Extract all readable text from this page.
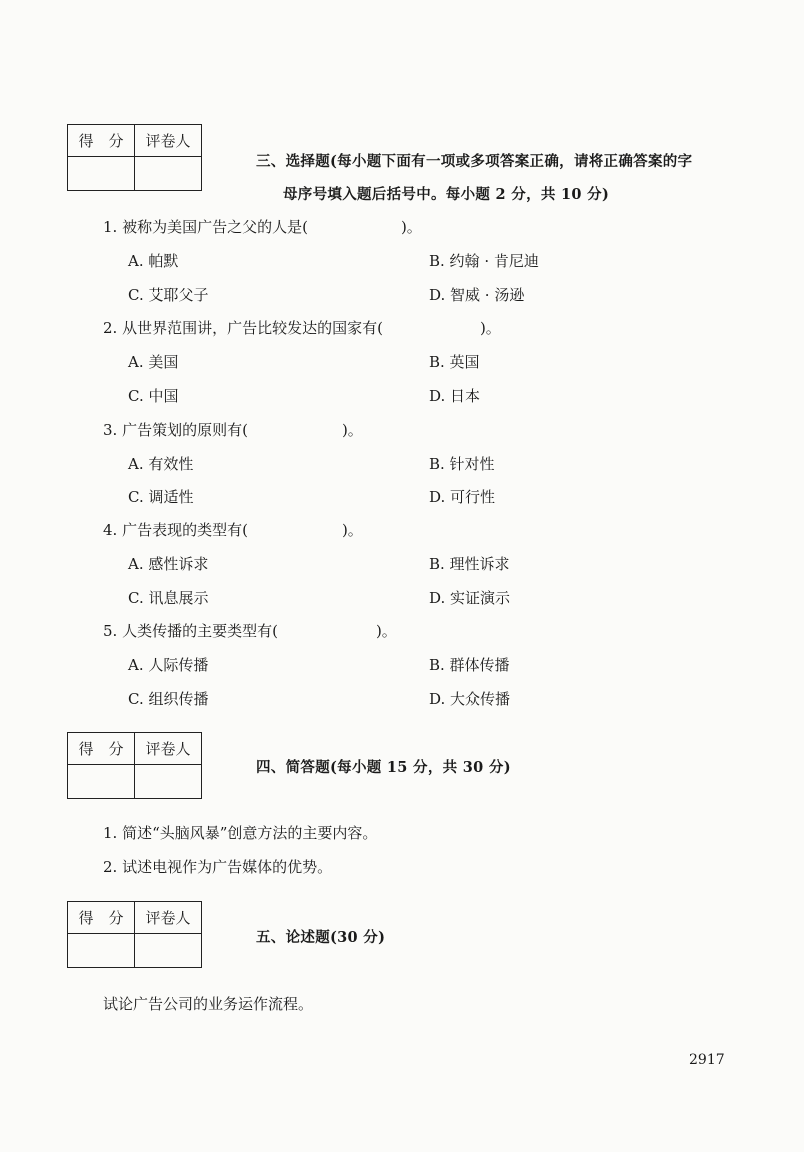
得　分	评卷人

三、选择题(每小题下面有一项或多项答案正确，请将正确答案的字
母序号填入题后括号中。每小题 2 分，共 10 分)
1. 被称为美国广告之父的人是(	)。
A. 帕默	B. 约翰 · 肯尼迪
C. 艾耶父子	D. 智威 · 汤逊
2. 从世界范围讲，广告比较发达的国家有(	)。
A. 美国	B. 英国
C. 中国	D. 日本
3. 广告策划的原则有(	)。
A. 有效性	B. 针对性
C. 调适性	D. 可行性
4. 广告表现的类型有(	)。
A. 感性诉求	B. 理性诉求
C. 讯息展示	D. 实证演示
5. 人类传播的主要类型有(	)。
A. 人际传播	B. 群体传播
C. 组织传播	D. 大众传播
得　分	评卷人

四、简答题(每小题 15 分，共 30 分)
1. 简述“头脑风暴”创意方法的主要内容。
2. 试述电视作为广告媒体的优势。
得　分	评卷人

五、论述题(30 分)
试论广告公司的业务运作流程。
2917
